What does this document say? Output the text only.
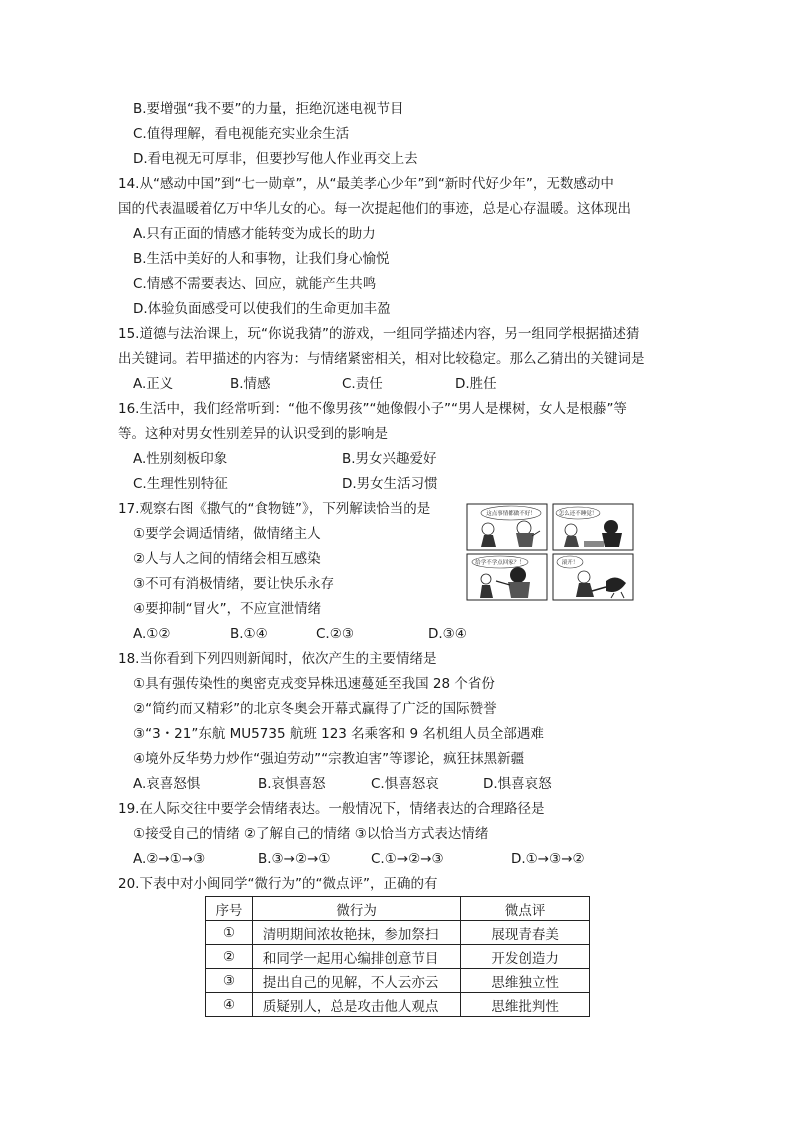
B.要增强“我不要”的力量，拒绝沉迷电视节目
C.值得理解，看电视能充实业余生活
D.看电视无可厚非，但要抄写他人作业再交上去
14.从“感动中国”到“七一勋章”，从“最美孝心少年”到“新时代好少年”，无数感动中
国的代表温暖着亿万中华儿女的心。每一次提起他们的事迹，总是心存温暖。这体现出
A.只有正面的情感才能转变为成长的助力
B.生活中美好的人和事物，让我们身心愉悦
C.情感不需要表达、回应，就能产生共鸣
D.体验负面感受可以使我们的生命更加丰盈
15.道德与法治课上，玩“你说我猜”的游戏，一组同学描述内容，另一组同学根据描述猜
出关键词。若甲描述的内容为：与情绪紧密相关，相对比较稳定。那么乙猜出的关键词是
A.正义	B.情感	C.责任	D.胜任
16.生活中，我们经常听到：“他不像男孩”“她像假小子”“男人是棵树，女人是根藤”等
等。这种对男女性别差异的认识受到的影响是
A.性别刻板印象	B.男女兴趣爱好
C.生理性别特征	D.男女生活习惯
17.观察右图《撒气的“食物链”》，下列解读恰当的是
①要学会调适情绪，做情绪主人
②人与人之间的情绪会相互感染
③不可有消极情绪，要让快乐永存
④要抑制“冒火”，不应宣泄情绪
A.①②	B.①④	C.②③	D.③④
这点事情都做不好！	怎么还不睡觉！
给学不学点回家？！	滚开！
18.当你看到下列四则新闻时，依次产生的主要情绪是
①具有强传染性的奥密克戎变异株迅速蔓延至我国 28 个省份
②“简约而又精彩”的北京冬奥会开幕式赢得了广泛的国际赞誉
③“3・21”东航 MU5735 航班 123 名乘客和 9 名机组人员全部遇难
④境外反华势力炒作“强迫劳动”“宗教迫害”等谬论，疯狂抹黑新疆
A.哀喜怒惧	B.哀惧喜怒	C.惧喜怒哀	D.惧喜哀怒
19.在人际交往中要学会情绪表达。一般情况下，情绪表达的合理路径是
①接受自己的情绪 ②了解自己的情绪 ③以恰当方式表达情绪
A.②→①→③	B.③→②→①	C.①→②→③	D.①→③→②
20.下表中对小闽同学“微行为”的“微点评”，正确的有
序号	微行为	微点评
①	清明期间浓妆艳抹，参加祭扫	展现青春美
②	和同学一起用心编排创意节目	开发创造力
③	提出自己的见解，不人云亦云	思维独立性
④	质疑别人，总是攻击他人观点	思维批判性
